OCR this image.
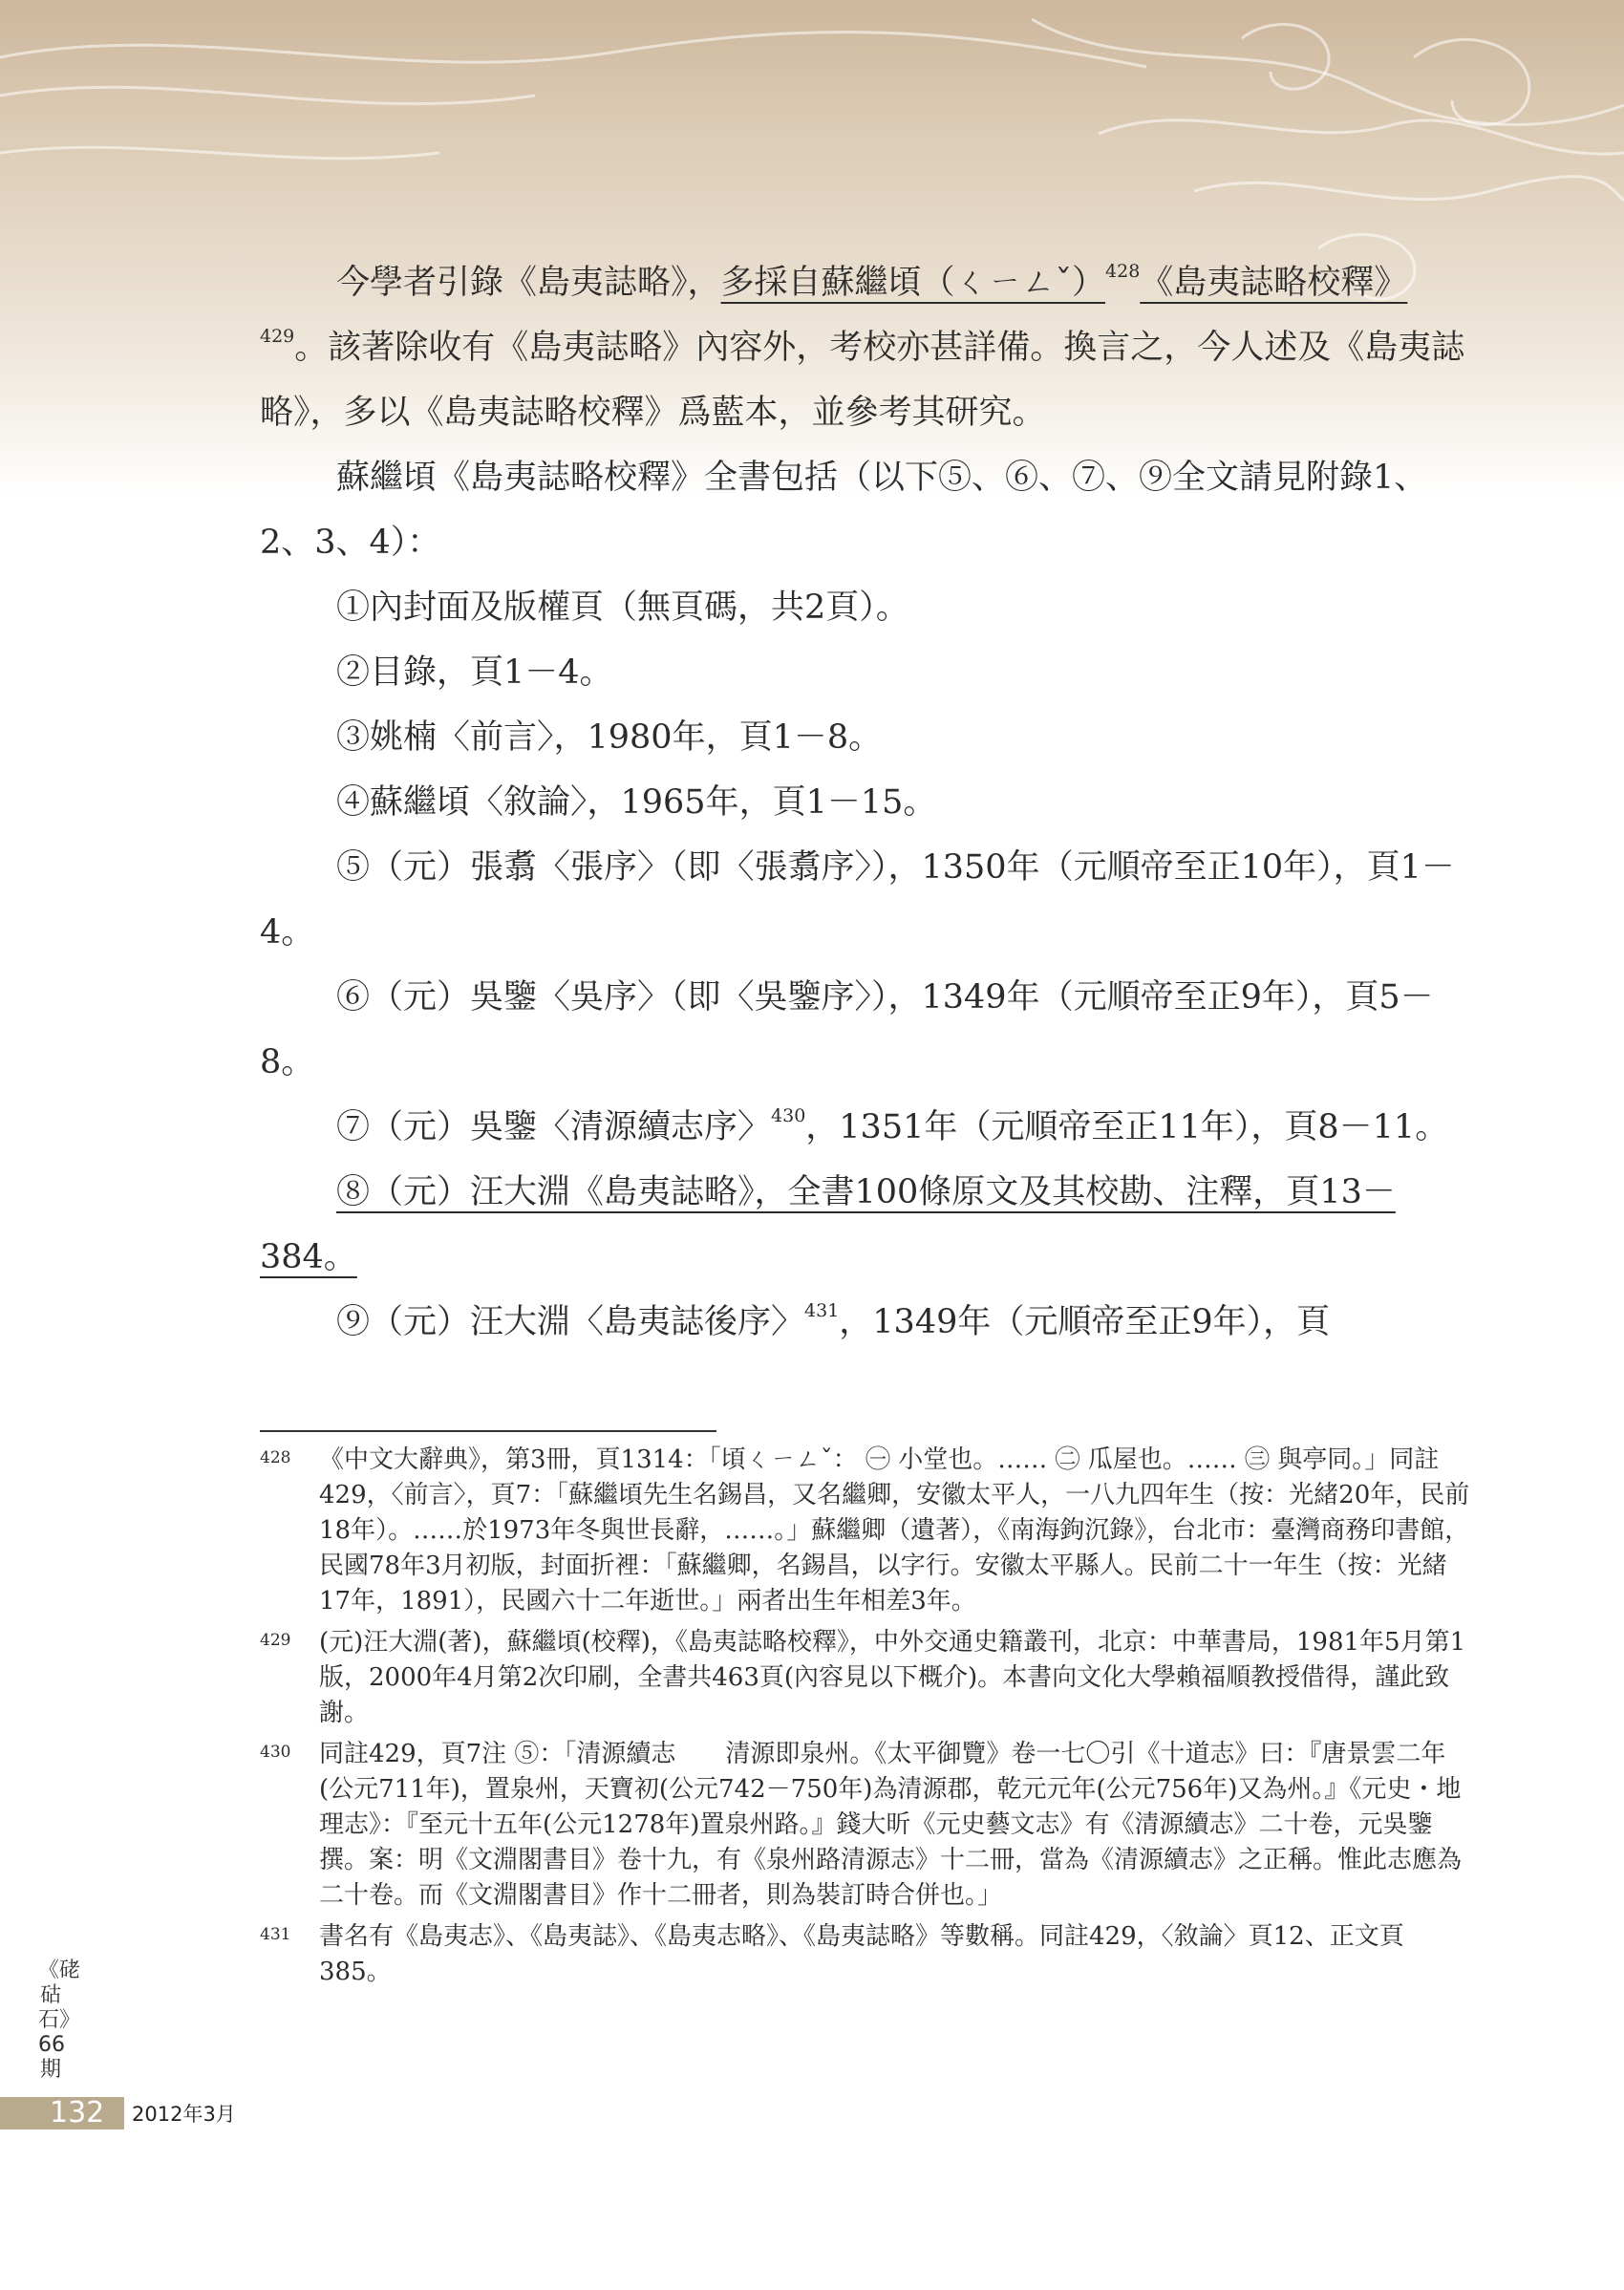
今學者引錄《島夷誌略》，多採自蘇繼頃（ㄑㄧㄥˇ）$^{428}$《島夷誌略校釋》$^{429}$。該著除收有《島夷誌略》內容外，考校亦甚詳備。換言之，今人述及《島夷誌略》，多以《島夷誌略校釋》爲藍本，並參考其研究。

蘇繼頃《島夷誌略校釋》全書包括（以下⑤、⑥、⑦、⑨全文請見附錄1、2、3、4）：

①內封面及版權頁（無頁碼，共2頁）。

②目錄，頁1－4。

③姚楠〈前言〉，1980年，頁1－8。

④蘇繼頃〈敘論〉，1965年，頁1－15。

⑤（元）張翥〈張序〉（即〈張翥序〉），1350年（元順帝至正10年），頁1－4。

⑥（元）吳鑒〈吳序〉（即〈吳鑒序〉），1349年（元順帝至正9年），頁5－8。

⑦（元）吳鑒〈清源續志序〉$^{430}$，1351年（元順帝至正11年），頁8－11。

⑧（元）汪大淵《島夷誌略》，全書100條原文及其校勘、注釋，頁13－384。

⑨（元）汪大淵〈島夷誌後序〉$^{431}$，1349年（元順帝至正9年），頁

428 《中文大辭典》，第3冊，頁1314：「頃ㄑㄧㄥˇ： ㊀ 小堂也。…… ㊁ 瓜屋也。…… ㊂ 與亭同。」同註429，〈前言〉，頁7：「蘇繼頃先生名錫昌，又名繼卿，安徽太平人，一八九四年生（按：光緒20年，民前18年）。……於1973年冬與世長辭，……。」蘇繼卿（遺著），《南海鉤沉錄》，台北市：臺灣商務印書館，民國78年3月初版，封面折裡：「蘇繼卿，名錫昌，以字行。安徽太平縣人。民前二十一年生（按：光緒17年，1891），民國六十二年逝世。」兩者出生年相差3年。

429 (元)汪大淵(著)，蘇繼頃(校釋)，《島夷誌略校釋》，中外交通史籍叢刊，北京：中華書局，1981年5月第1版，2000年4月第2次印刷，全書共463頁(內容見以下概介)。本書向文化大學賴福順教授借得，謹此致謝。

430 同註429，頁7注 ⑤：「清源續志　　清源即泉州。《太平御覽》卷一七〇引《十道志》曰：『唐景雲二年(公元711年)，置泉州，天寶初(公元742－750年)為清源郡，乾元元年(公元756年)又為州。』《元史・地理志》：『至元十五年(公元1278年)置泉州路。』錢大昕《元史藝文志》有《清源續志》二十卷，元吳鑒撰。案：明《文淵閣書目》卷十九，有《泉州路清源志》十二冊，當為《清源續志》之正稱。惟此志應為二十卷。而《文淵閣書目》作十二冊者，則為裝訂時合併也。」

431 書名有《島夷志》、《島夷誌》、《島夷志略》、《島夷誌略》等數稱。同註429，〈敘論〉頁12、正文頁385。

《硓𥑮石》66期
132 2012年3月
